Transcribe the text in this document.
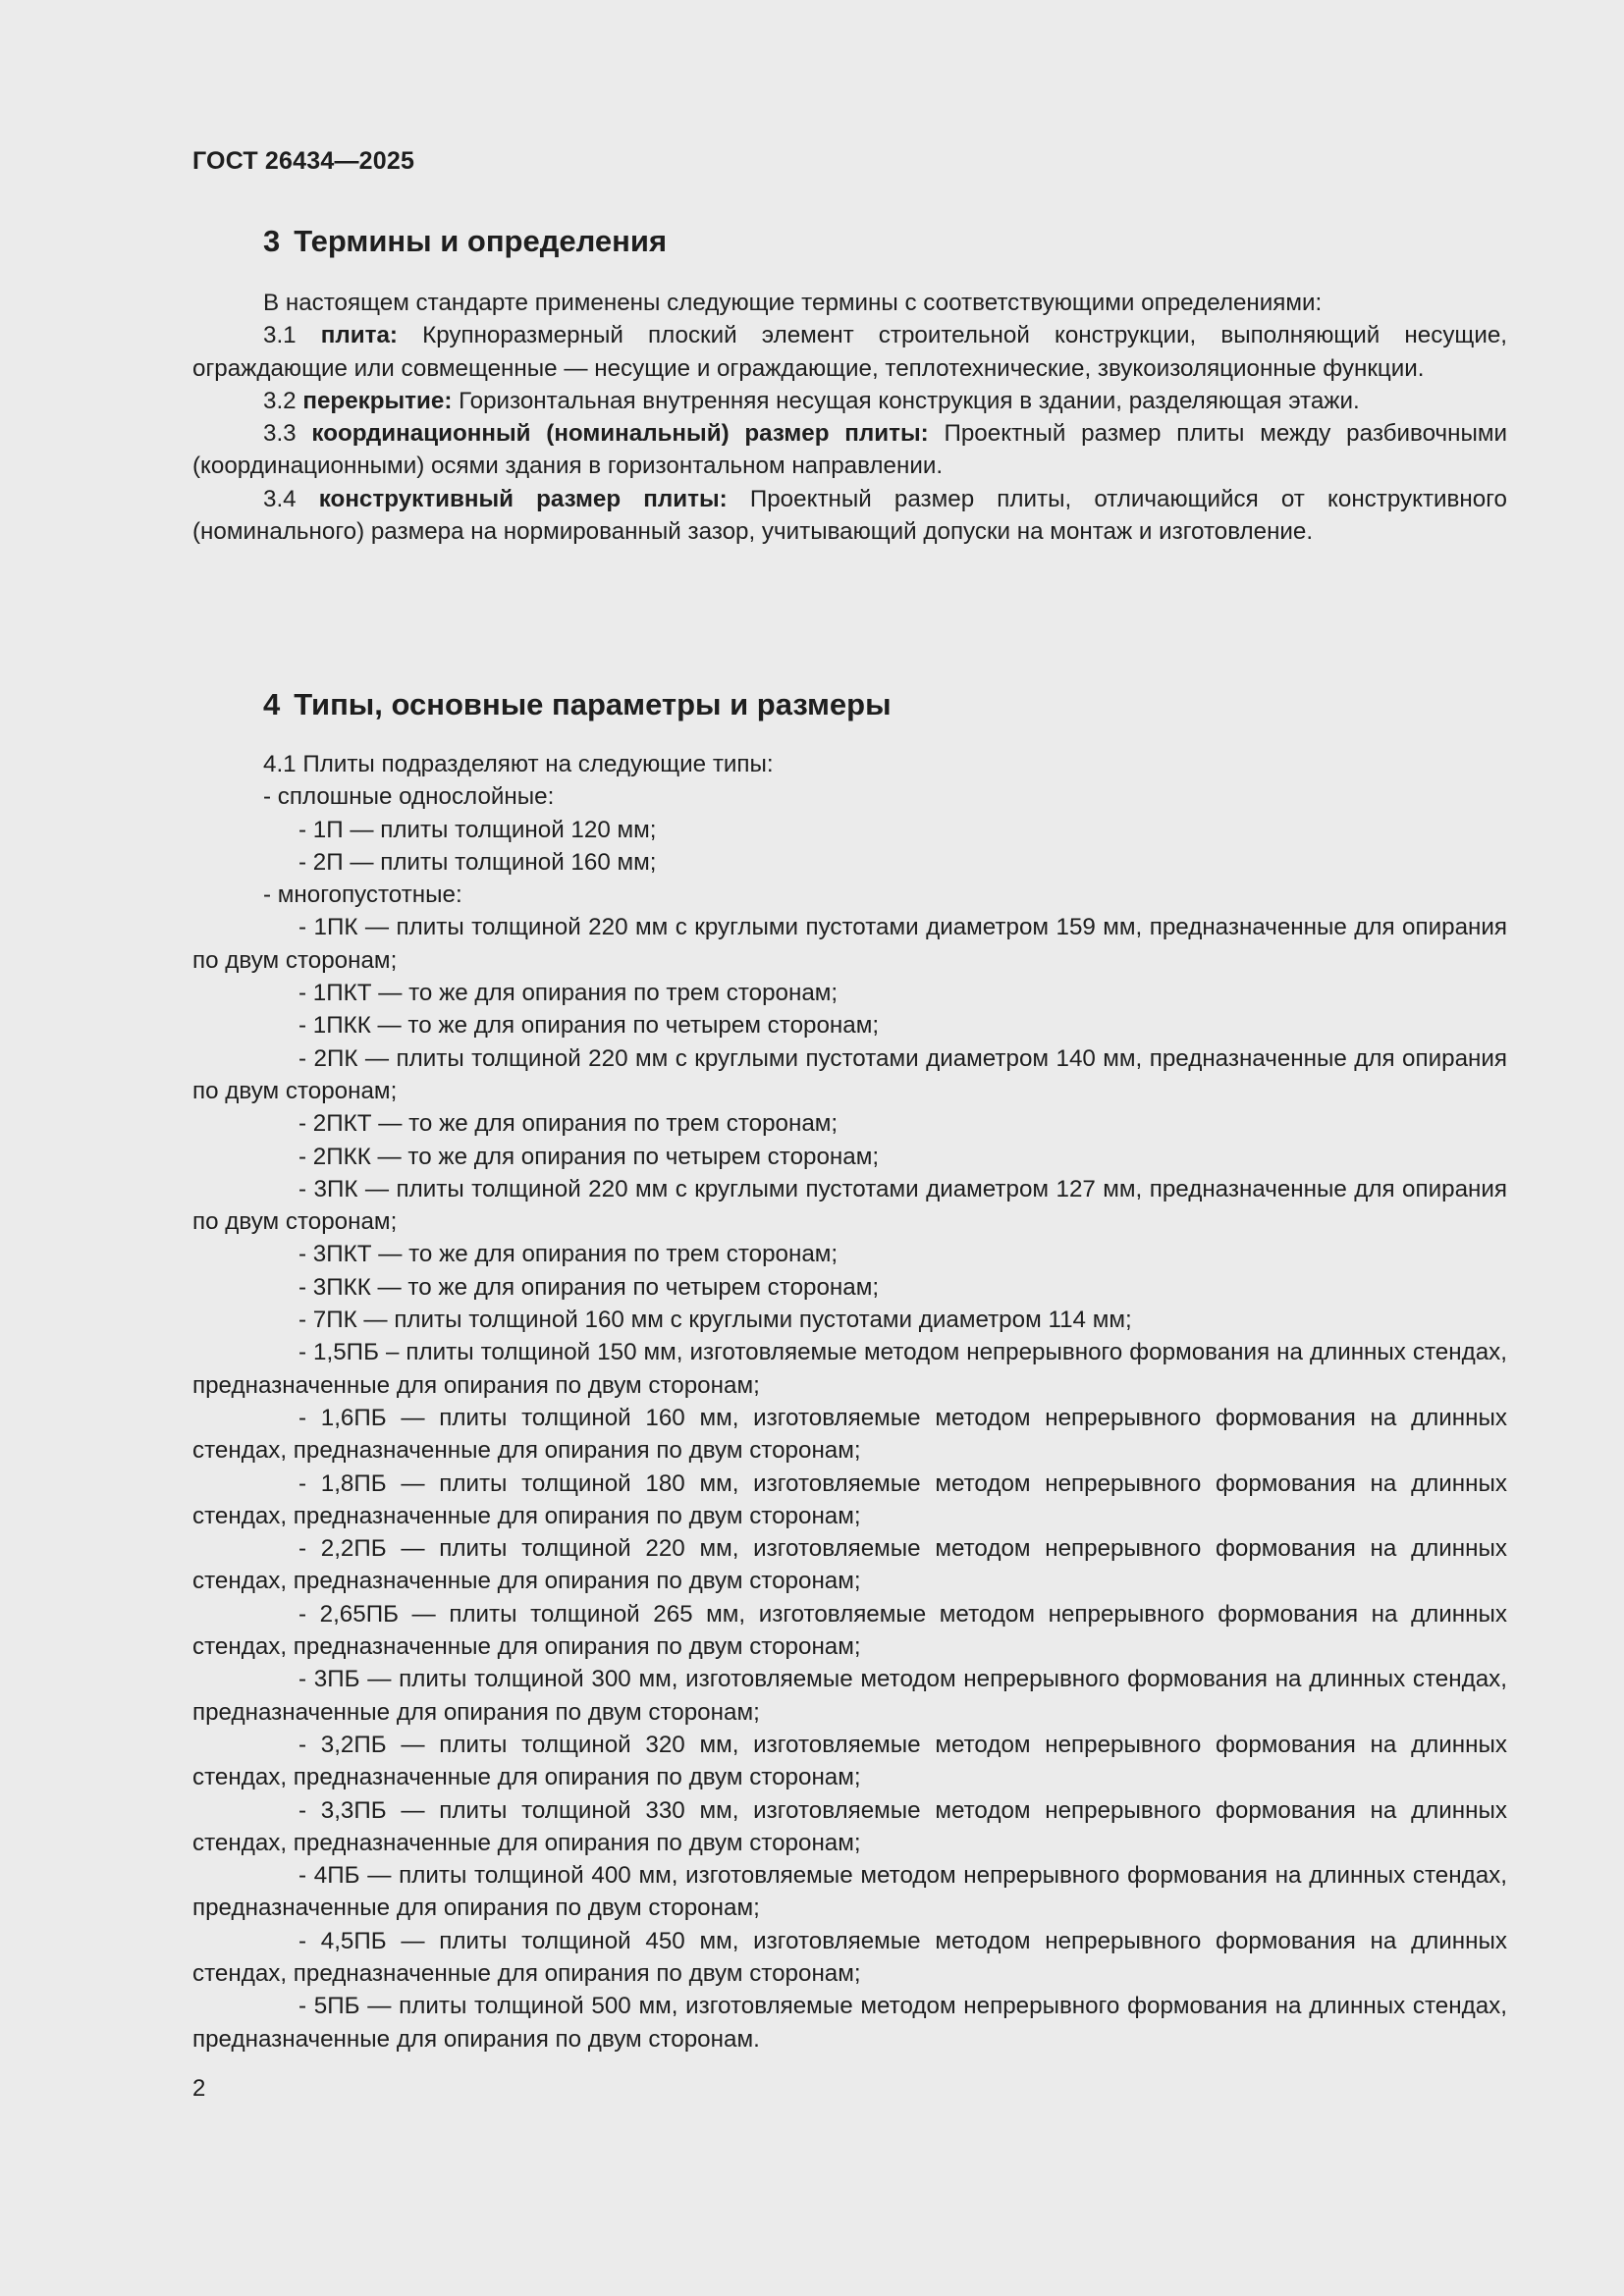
ГОСТ 26434—2025
3 Термины и определения

В настоящем стандарте применены следующие термины с соответствующими определениями:

3.1 плита: Крупноразмерный плоский элемент строительной конструкции, выполняющий несущие, ограждающие или совмещенные — несущие и ограждающие, теплотехнические, звукоизоляционные функции.

3.2 перекрытие: Горизонтальная внутренняя несущая конструкция в здании, разделяющая этажи.

3.3 координационный (номинальный) размер плиты: Проектный размер плиты между разбивочными (координационными) осями здания в горизонтальном направлении.

3.4 конструктивный размер плиты: Проектный размер плиты, отличающийся от конструктивного (номинального) размера на нормированный зазор, учитывающий допуски на монтаж и изготовление.

4 Типы, основные параметры и размеры

4.1 Плиты подразделяют на следующие типы:

- сплошные однослойные:

- 1П — плиты толщиной 120 мм;

- 2П — плиты толщиной 160 мм;

- многопустотные:

- 1ПК — плиты толщиной 220 мм с круглыми пустотами диаметром 159 мм, предназначенные для опирания по двум сторонам;

- 1ПКТ — то же для опирания по трем сторонам;

- 1ПКК — то же для опирания по четырем сторонам;

- 2ПК — плиты толщиной 220 мм с круглыми пустотами диаметром 140 мм, предназначенные для опирания по двум сторонам;

- 2ПКТ — то же для опирания по трем сторонам;

- 2ПКК — то же для опирания по четырем сторонам;

- 3ПК — плиты толщиной 220 мм с круглыми пустотами диаметром 127 мм, предназначенные для опирания по двум сторонам;

- 3ПКТ — то же для опирания по трем сторонам;

- 3ПКК — то же для опирания по четырем сторонам;

- 7ПК — плиты толщиной 160 мм с круглыми пустотами диаметром 114 мм;

- 1,5ПБ – плиты толщиной 150 мм, изготовляемые методом непрерывного формования на длинных стендах, предназначенные для опирания по двум сторонам;

- 1,6ПБ — плиты толщиной 160 мм, изготовляемые методом непрерывного формования на длинных стендах, предназначенные для опирания по двум сторонам;

- 1,8ПБ — плиты толщиной 180 мм, изготовляемые методом непрерывного формования на длинных стендах, предназначенные для опирания по двум сторонам;

- 2,2ПБ — плиты толщиной 220 мм, изготовляемые методом непрерывного формования на длинных стендах, предназначенные для опирания по двум сторонам;

- 2,65ПБ — плиты толщиной 265 мм, изготовляемые методом непрерывного формования на длинных стендах, предназначенные для опирания по двум сторонам;

- 3ПБ — плиты толщиной 300 мм, изготовляемые методом непрерывного формования на длинных стендах, предназначенные для опирания по двум сторонам;

- 3,2ПБ — плиты толщиной 320 мм, изготовляемые методом непрерывного формования на длинных стендах, предназначенные для опирания по двум сторонам;

- 3,3ПБ — плиты толщиной 330 мм, изготовляемые методом непрерывного формования на длинных стендах, предназначенные для опирания по двум сторонам;

- 4ПБ — плиты толщиной 400 мм, изготовляемые методом непрерывного формования на длинных стендах, предназначенные для опирания по двум сторонам;

- 4,5ПБ — плиты толщиной 450 мм, изготовляемые методом непрерывного формования на длинных стендах, предназначенные для опирания по двум сторонам;

- 5ПБ — плиты толщиной 500 мм, изготовляемые методом непрерывного формования на длинных стендах, предназначенные для опирания по двум сторонам.

2
